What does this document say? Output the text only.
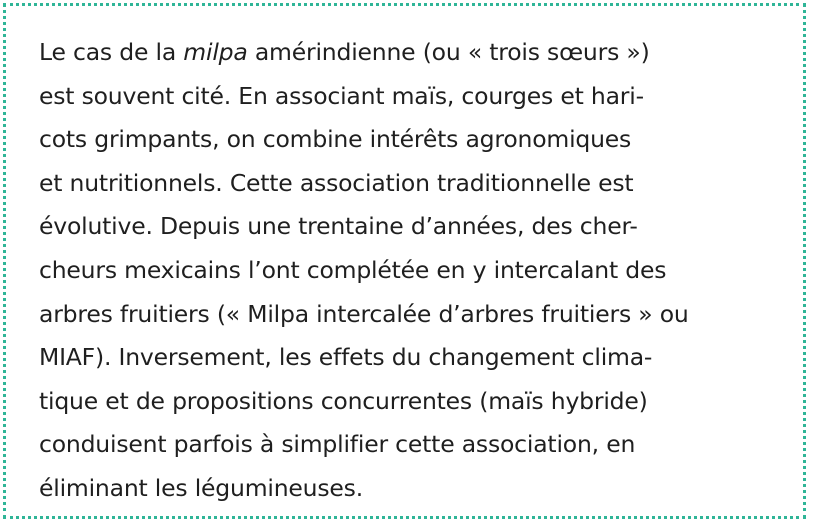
Le cas de la milpa amérindienne (ou « trois sœurs »)
est souvent cité. En associant maïs, courges et hari-
cots grimpants, on combine intérêts agronomiques
et nutritionnels. Cette association traditionnelle est
évolutive. Depuis une trentaine d’années, des cher-
cheurs mexicains l’ont complétée en y intercalant des
arbres fruitiers (« Milpa intercalée d’arbres fruitiers » ou
MIAF). Inversement, les effets du changement clima-
tique et de propositions concurrentes (maïs hybride)
conduisent parfois à simplifier cette association, en
éliminant les légumineuses.
